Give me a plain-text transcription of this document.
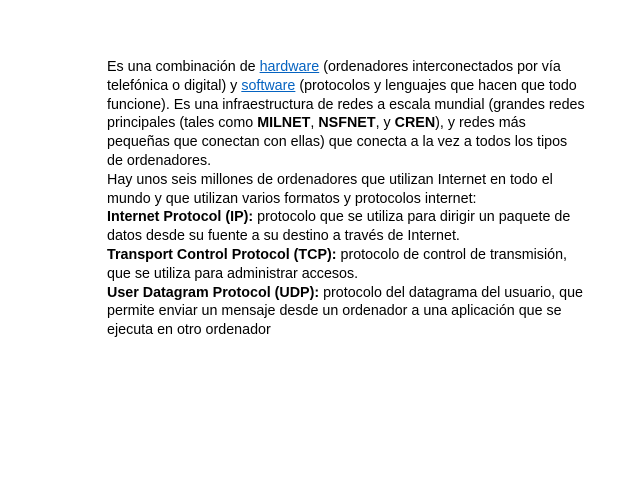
Es una combinación de hardware (ordenadores interconectados por vía telefónica o digital) y software (protocolos y lenguajes que hacen que todo funcione). Es una infraestructura de redes a escala mundial (grandes redes principales (tales como MILNET, NSFNET, y CREN), y redes más pequeñas que conectan con ellas) que conecta a la vez a todos los tipos de ordenadores.

Hay unos seis millones de ordenadores que utilizan Internet en todo el mundo y que utilizan varios formatos y protocolos internet:

Internet Protocol (IP): protocolo que se utiliza para dirigir un paquete de datos desde su fuente a su destino a través de Internet.

Transport Control Protocol (TCP): protocolo de control de transmisión, que se utiliza para administrar accesos.

User Datagram Protocol (UDP): protocolo del datagrama del usuario, que permite enviar un mensaje desde un ordenador a una aplicación que se ejecuta en otro ordenador
